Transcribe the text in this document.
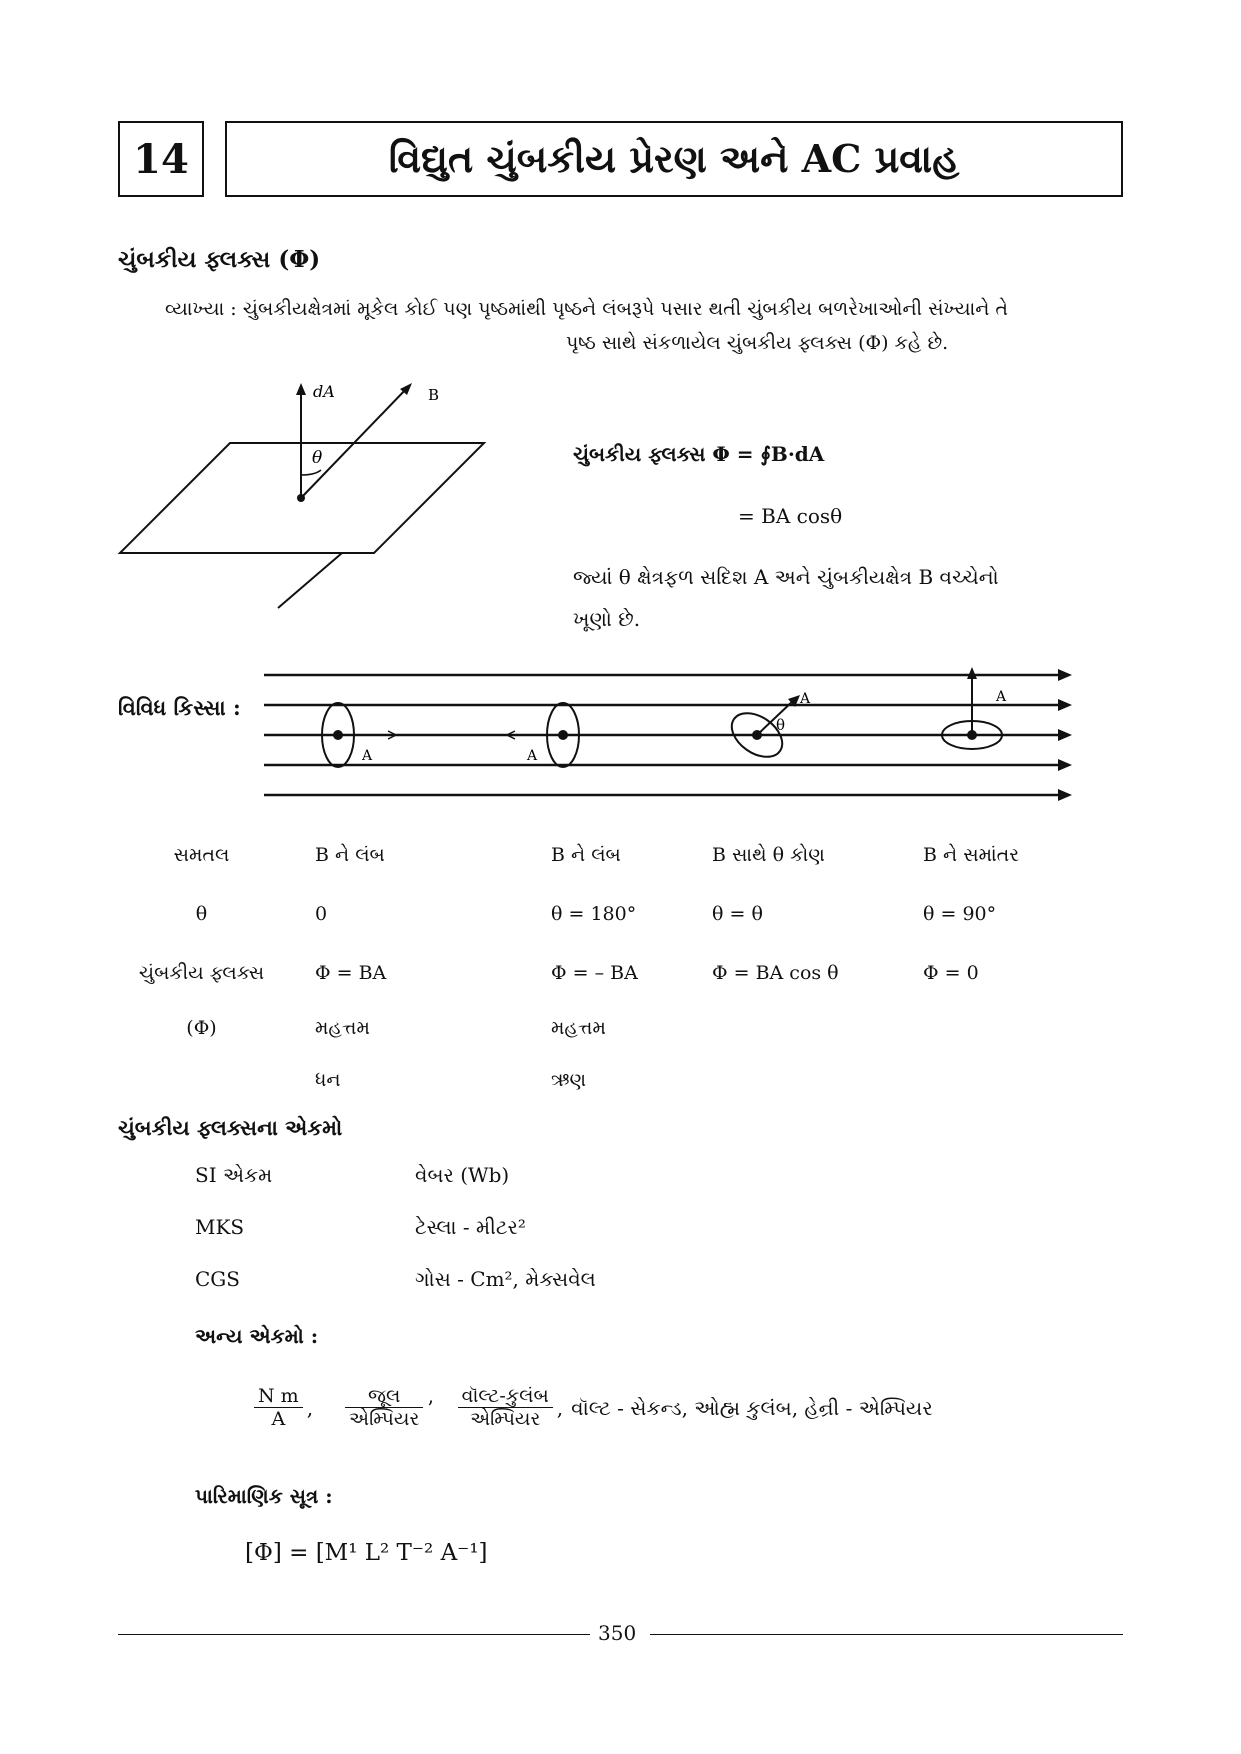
14	વિદ્યુત ચુંબકીય પ્રેરણ અને AC પ્રવાહ
ચુંબકીય ફ્લક્સ (Φ)
વ્યાખ્યા : ચુંબકીયક્ષેત્રમાં મૂકેલ કોઈ પણ પૃષ્ઠમાંથી પૃષ્ઠને લંબરૂપે પસાર થતી ચુંબકીય બળરેખાઓની સંખ્યાને તે
પૃષ્ઠ સાથે સંકળાયેલ ચુંબકીય ફ્લક્સ (Φ) કહે છે.
dA	B
θ	ચુંબકીય ફ્લક્સ Φ = ∮B·dA
= BA cosθ
જ્યાં θ ક્ષેત્રફળ સદિશ A અને ચુંબકીયક્ષેત્ર B વચ્ચેનો
ખૂણો છે.
વિવિધ કિસ્સા :
A	A
A
θ
A
સમતલ	B ને લંબ	B ને લંબ	B સાથે θ કોણ	B ને સમાંતર
θ	0	θ = 180°	θ = θ	θ = 90°
ચુંબકીય ફ્લક્સ	Φ = BA	Φ = – BA	Φ = BA cos θ	Φ = 0
(Φ)	મહત્તમ	મહત્તમ		
	ધન	ઋણ		
ચુંબકીય ફ્લક્સના એકમો
SI એકમ	વેબર (Wb)
MKS	ટેસ્લા - મીટર²
CGS	ગોસ - Cm², મેક્સવેલ
અન્ય એકમો :
$\frac{\text{N m}}{A}$ , $\frac{\text{જૂલ}}{\text{એમ્પિયર}}$ ’ $\frac{\text{વૉલ્ટ-કુલંબ}}{\text{એમ્પિયર}}$ , વૉલ્ટ - સેકન્ડ, ઓહ્મ કુલંબ, હેન્રી - એમ્પિયર
પારિમાણિક સૂત્ર :
[Φ] = [M¹ L² T⁻² A⁻¹]
350
